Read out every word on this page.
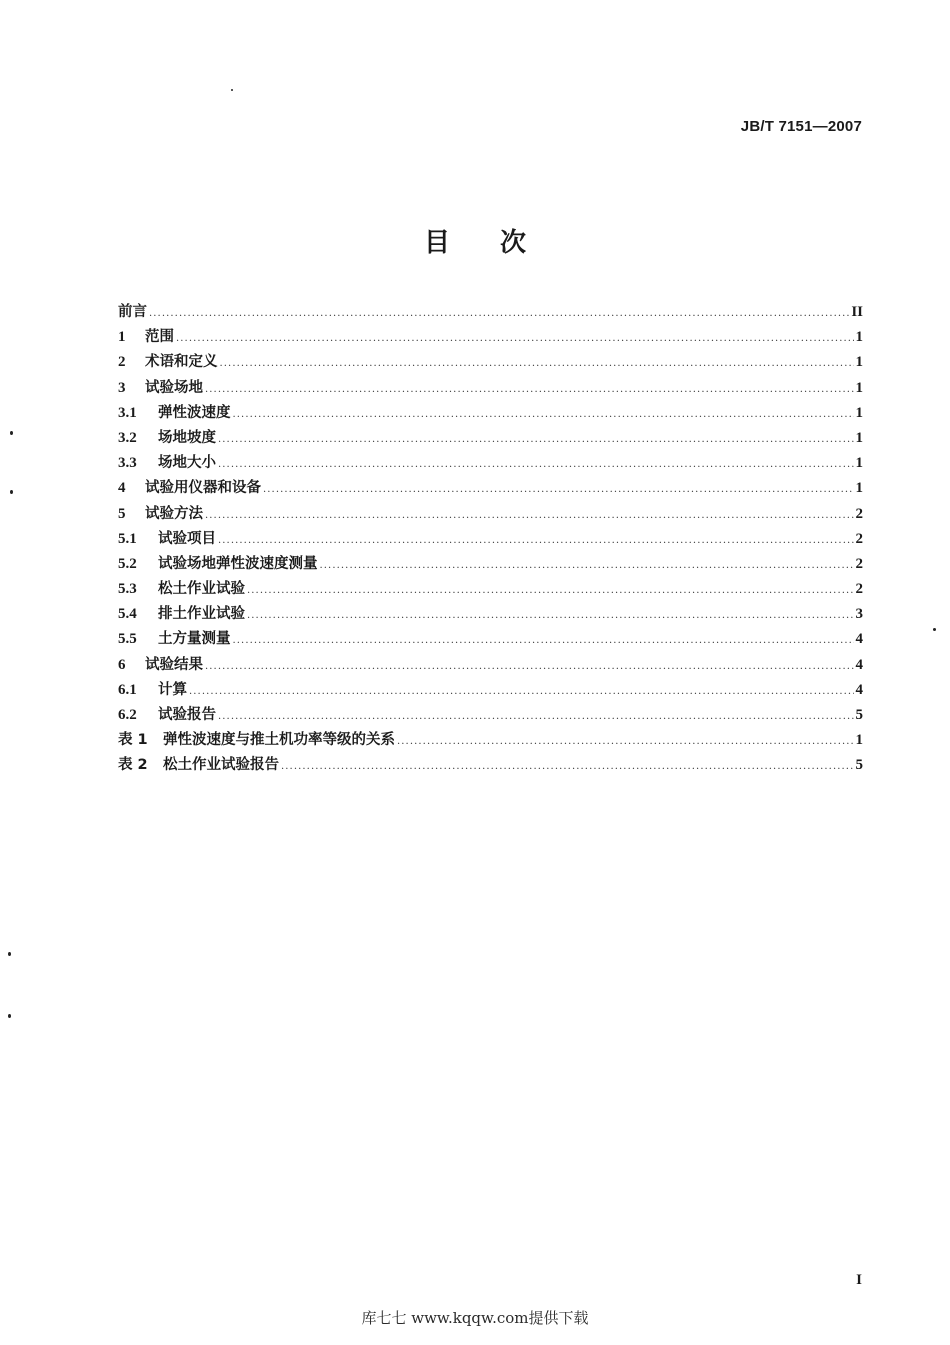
JB/T 7151—2007
目 次
前言 .....	II
1	范围 .....	1
2	术语和定义 .....	1
3	试验场地 .....	1
3.1	弹性波速度 .....	1
3.2	场地坡度 .....	1
3.3	场地大小 .....	1
4	试验用仪器和设备 .....	1
5	试验方法 .....	2
5.1	试验项目 .....	2
5.2	试验场地弹性波速度测量 .....	2
5.3	松土作业试验 .....	2
5.4	排土作业试验 .....	3
5.5	土方量测量 .....	4
6	试验结果 .....	4
6.1	计算 .....	4
6.2	试验报告 .....	5
表 1	弹性波速度与推土机功率等级的关系 .....	1
表 2	松土作业试验报告 .....	5
I
库七七 www.kqqw.com提供下载
